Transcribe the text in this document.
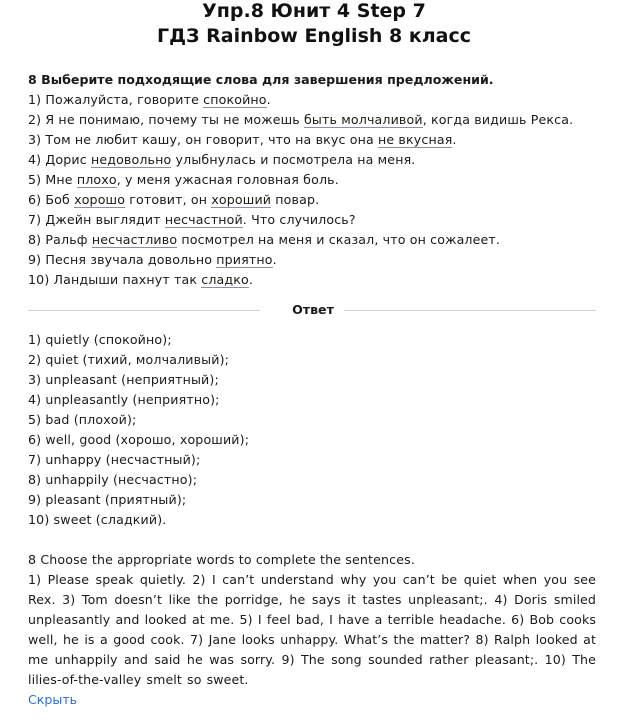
Упр.8 Юнит 4 Step 7
ГДЗ Rainbow English 8 класс

8 Выберите подходящие слова для завершения предложений.

1) Пожалуйста, говорите спокойно.

2) Я не понимаю, почему ты не можешь быть молчаливой, когда видишь Рекса.

3) Том не любит кашу, он говорит, что на вкус она не вкусная.

4) Дорис недовольно улыбнулась и посмотрела на меня.

5) Мне плохо, у меня ужасная головная боль.

6) Боб хорошо готовит, он хороший повар.

7) Джейн выглядит несчастной. Что случилось?

8) Ральф несчастливо посмотрел на меня и сказал, что он сожалеет.

9) Песня звучала довольно приятно.

10) Ландыши пахнут так сладко.

Ответ

1) quietly (спокойно);

2) quiet (тихий, молчаливый);

3) unpleasant (неприятный);

4) unpleasantly (неприятно);

5) bad (плохой);

6) well, good (хорошо, хороший);

7) unhappy (несчастный);

8) unhappily (несчастно);

9) pleasant (приятный);

10) sweet (сладкий).

8 Choose the appropriate words to complete the sentences.

1) Please speak quietly. 2) I can’t understand why you can’t be quiet when you see Rex. 3) Tom doesn’t like the porridge, he says it tastes unpleasant;. 4) Doris smiled unpleasantly and looked at me. 5) I feel bad, I have a terrible headache. 6) Bob cooks well, he is a good cook. 7) Jane looks unhappy. What’s the matter? 8) Ralph looked at me unhappily and said he was sorry. 9) The song sounded rather pleasant;. 10) The lilies-of-the-valley smelt so sweet.

Скрыть
